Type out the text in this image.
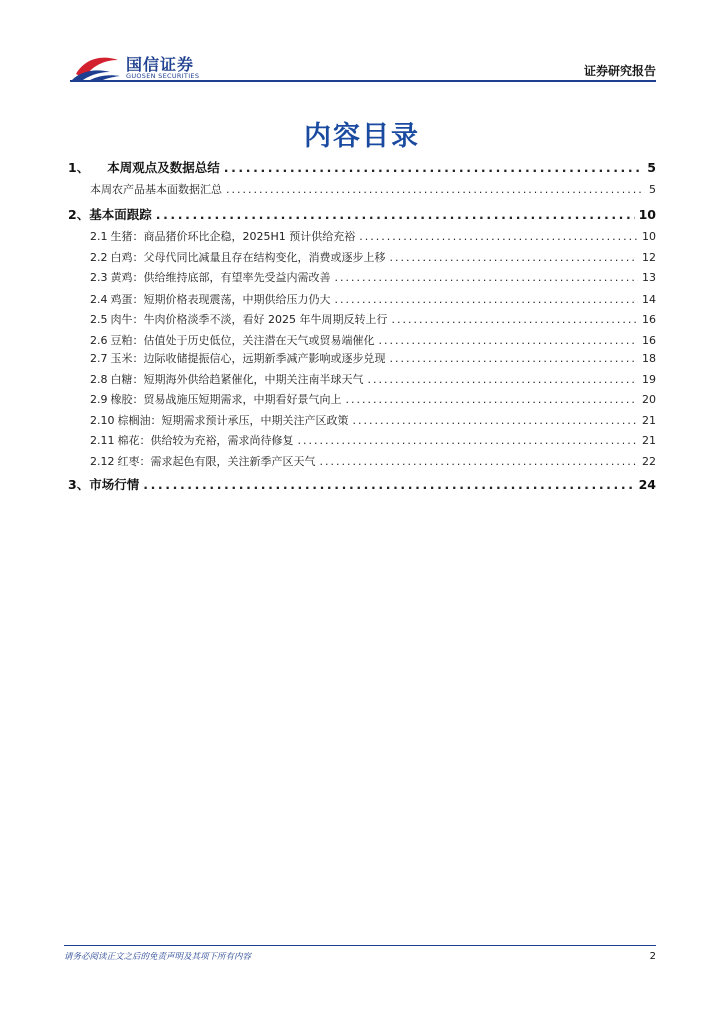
国信证券
GUOSEN SECURITIES	证券研究报告
内容目录
1、 本周观点及数据总结 .....	5
本周农产品基本面数据汇总 .....	5
2、 基本面跟踪 .....	10
2.1 生猪：商品猪价环比企稳，2025H1 预计供给充裕 .....	10
2.2 白鸡：父母代同比减量且存在结构变化，消费或逐步上移 .....	12
2.3 黄鸡：供给维持底部，有望率先受益内需改善 .....	13
2.4 鸡蛋：短期价格表现震荡，中期供给压力仍大 .....	14
2.5 肉牛：牛肉价格淡季不淡，看好 2025 年牛周期反转上行 .....	16
2.6 豆粕：估值处于历史低位，关注潜在天气或贸易端催化 .....	16
2.7 玉米：边际收储提振信心，远期新季减产影响或逐步兑现 .....	18
2.8 白糖：短期海外供给趋紧催化，中期关注南半球天气 .....	19
2.9 橡胶：贸易战施压短期需求，中期看好景气向上 .....	20
2.10 棕榈油：短期需求预计承压，中期关注产区政策 .....	21
2.11 棉花：供给较为充裕，需求尚待修复 .....	21
2.12 红枣：需求起色有限，关注新季产区天气 .....	22
3、 市场行情 .....	24
请务必阅读正文之后的免责声明及其项下所有内容	2
